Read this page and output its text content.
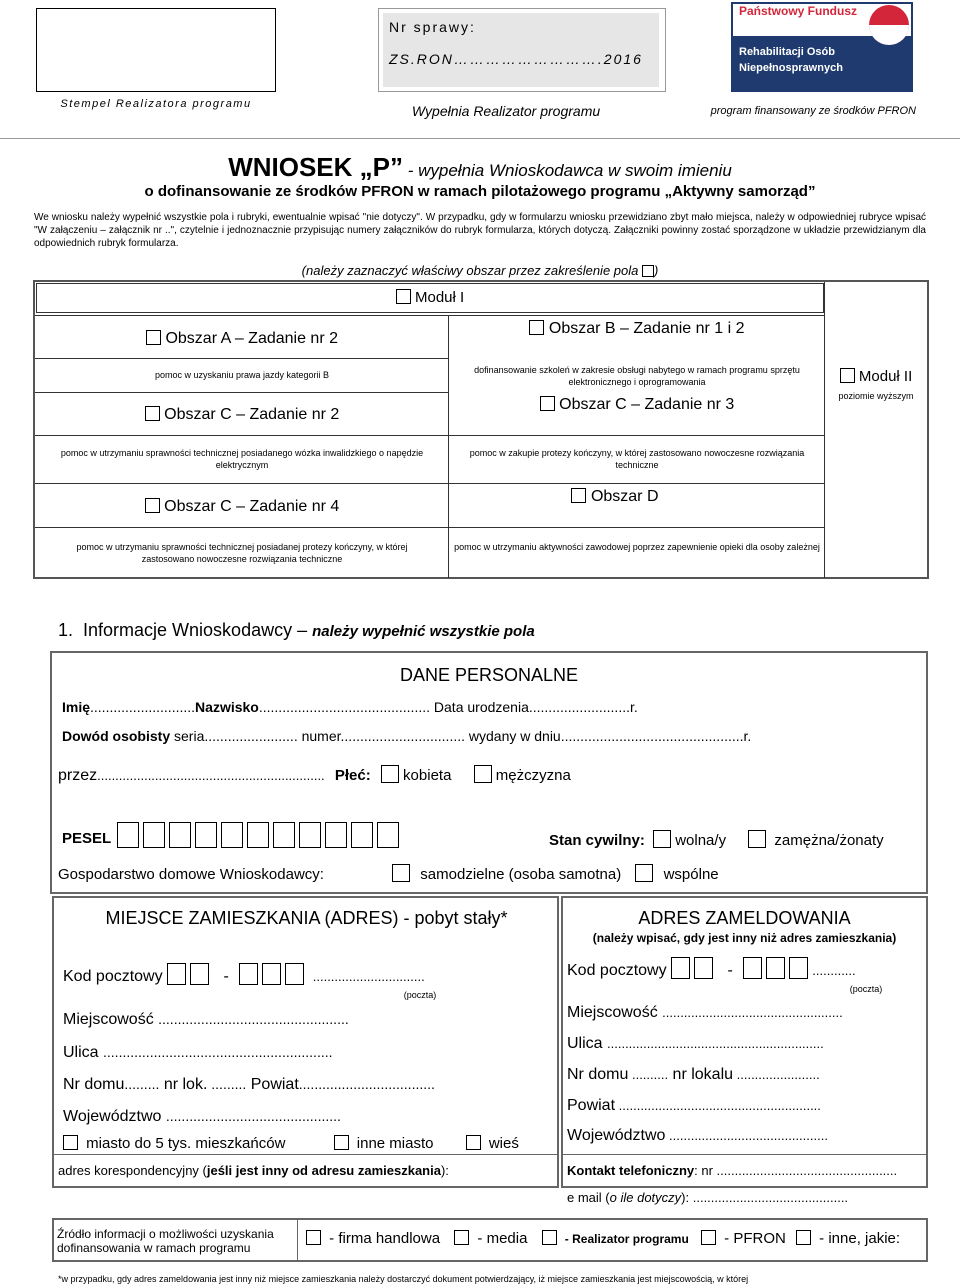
Stempel Realizatora programu
Nr sprawy:
ZS.RON……………………….2016
Wypełnia Realizator programu
Państwowy Fundusz
Rehabilitacji Osób
Niepełnosprawnych
program finansowany ze środków PFRON
WNIOSEK „P” - wypełnia Wnioskodawca w swoim imieniu
o dofinansowanie ze środków PFRON w ramach pilotażowego programu „Aktywny samorząd”
We wniosku należy wypełnić wszystkie pola i rubryki, ewentualnie wpisać "nie dotyczy". W przypadku, gdy w formularzu wniosku przewidziano zbyt mało miejsca, należy w odpowiedniej rubryce wpisać "W załączeniu – załącznik nr ..", czytelnie i jednoznacznie przypisując numery załączników do rubryk formularza, których dotyczą. Załączniki powinny zostać sporządzone w układzie przewidzianym dla odpowiednich rubryk formularza.
(należy zaznaczyć właściwy obszar przez zakreślenie pola )
Moduł I
Obszar A – Zadanie nr 2
pomoc w uzyskaniu prawa jazdy kategorii B
Obszar B – Zadanie nr 1 i 2
dofinansowanie szkoleń w zakresie obsługi nabytego w ramach programu sprzętu elektronicznego i oprogramowania
Obszar C – Zadanie nr 2
Obszar C – Zadanie nr 3
pomoc w utrzymaniu sprawności technicznej posiadanego wózka inwalidzkiego o napędzie elektrycznym
pomoc w zakupie protezy kończyny, w której zastosowano nowoczesne rozwiązania techniczne
Obszar C – Zadanie nr 4
Obszar D
pomoc w utrzymaniu sprawności technicznej posiadanej protezy kończyny, w której zastosowano nowoczesne rozwiązania techniczne
pomoc w utrzymaniu aktywności zawodowej poprzez zapewnienie opieki dla osoby zależnej
Moduł II
poziomie wyższym
1. Informacje Wnioskodawcy – należy wypełnić wszystkie pola
DANE PERSONALNE
Imię...........................Nazwisko............................................ Data urodzenia..........................r.
Dowód osobisty seria........................ numer................................ wydany w dniu...............................................r.
przez............................................................... Płeć: kobieta	mężczyzna
PESEL	Stan cywilny: wolna/y	zamężna/żonaty
Gospodarstwo domowe Wnioskodawcy:	samodzielne (osoba samotna)	wspólne
MIEJSCE ZAMIESZKANIA (ADRES) - pobyt stały*
Kod pocztowy	-	...............................
(poczta)
Miejscowość .................................................
Ulica ...........................................................
Nr domu......... nr lok. ......... Powiat...................................
Województwo .............................................
miasto do 5 tys. mieszkańców	inne miasto	wieś
adres korespondencyjny (jeśli jest inny od adresu zamieszkania):
ADRES ZAMELDOWANIA
(należy wpisać, gdy jest inny niż adres zamieszkania)
Kod pocztowy	-	............
(poczta)
Miejscowość ..................................................
Ulica ............................................................
Nr domu .......... nr lokalu .......................
Powiat ........................................................
Województwo ............................................
Kontakt telefoniczny: nr ..................................................
e mail (o ile dotyczy): ...........................................
Źródło informacji o możliwości uzyskania dofinansowania w ramach programu
- firma handlowa - media	- Realizator programu - PFRON - inne, jakie:
*w przypadku, gdy adres zameldowania jest inny niż miejsce zamieszkania należy dostarczyć dokument potwierdzający, iż miejsce zamieszkania jest miejscowością, w której
